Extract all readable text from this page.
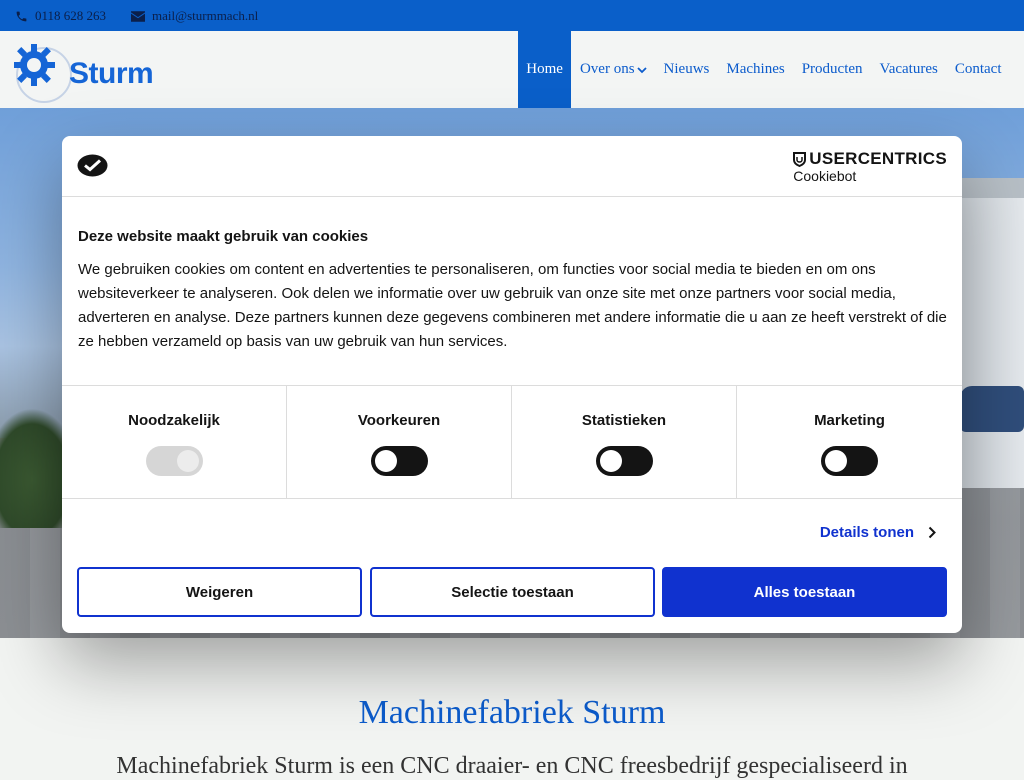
0118 628 263	mail@sturmmach.nl
Sturm	Home Over ons Nieuws Machines Producten Vacatures Contact
Machinefabriek Sturm
Machinefabriek Sturm is een CNC draaier- en CNC freesbedrijf gespecialiseerd in
USERCENTRICS
Cookiebot
Deze website maakt gebruik van cookies

We gebruiken cookies om content en advertenties te personaliseren, om functies voor social media te bieden en om ons websiteverkeer te analyseren. Ook delen we informatie over uw gebruik van onze site met onze partners voor social media, adverteren en analyse. Deze partners kunnen deze gegevens combineren met andere informatie die u aan ze heeft verstrekt of die ze hebben verzameld op basis van uw gebruik van hun services.

Noodzakelijk	Voorkeuren	Statistieken	Marketing
Details tonen
Weigeren	Selectie toestaan	Alles toestaan
